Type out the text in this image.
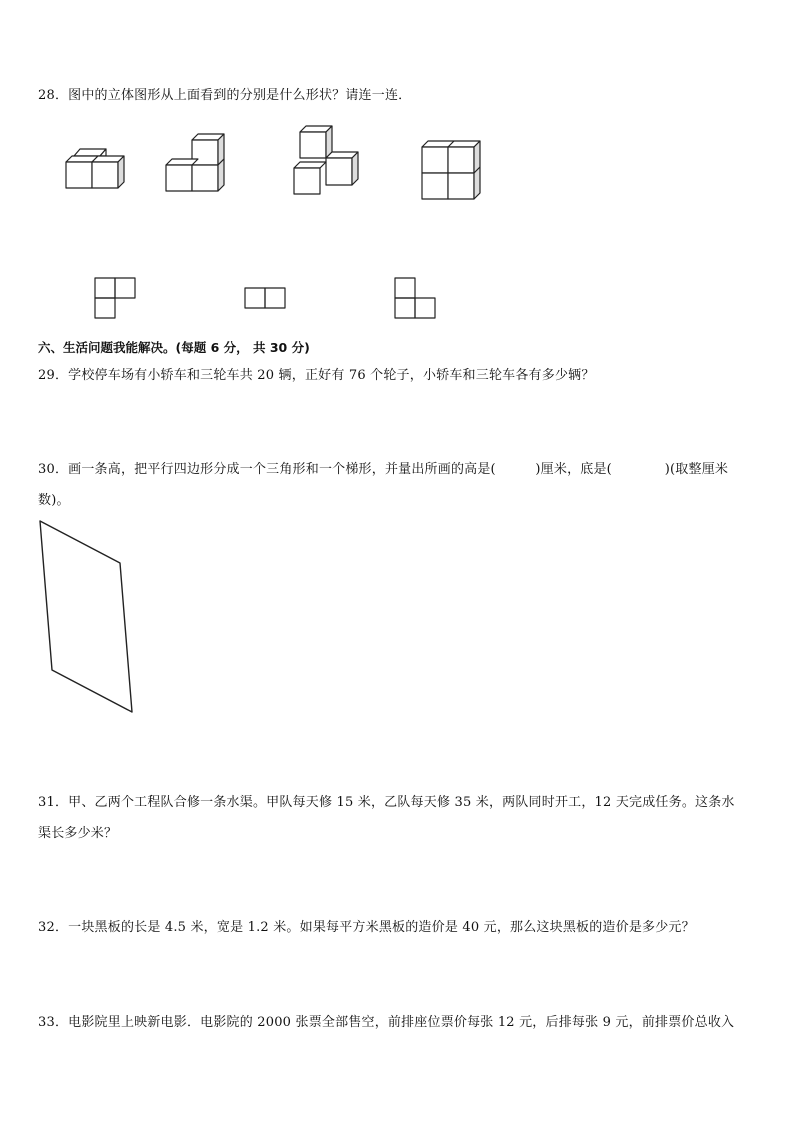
28．图中的立体图形从上面看到的分别是什么形状？请连一连．
六、生活问题我能解决。(每题 6 分， 共 30 分)
29．学校停车场有小轿车和三轮车共 20 辆，正好有 76 个轮子，小轿车和三轮车各有多少辆？
30．画一条高，把平行四边形分成一个三角形和一个梯形，并量出所画的高是(　　　)厘米，底是(　　　　)(取整厘米
数)。
31．甲、乙两个工程队合修一条水渠。甲队每天修 15 米，乙队每天修 35 米，两队同时开工，12 天完成任务。这条水
渠长多少米？
32．一块黑板的长是 4.5 米，宽是 1.2 米。如果每平方米黑板的造价是 40 元，那么这块黑板的造价是多少元？
33．电影院里上映新电影．电影院的 2000 张票全部售空，前排座位票价每张 12 元，后排每张 9 元，前排票价总收入
